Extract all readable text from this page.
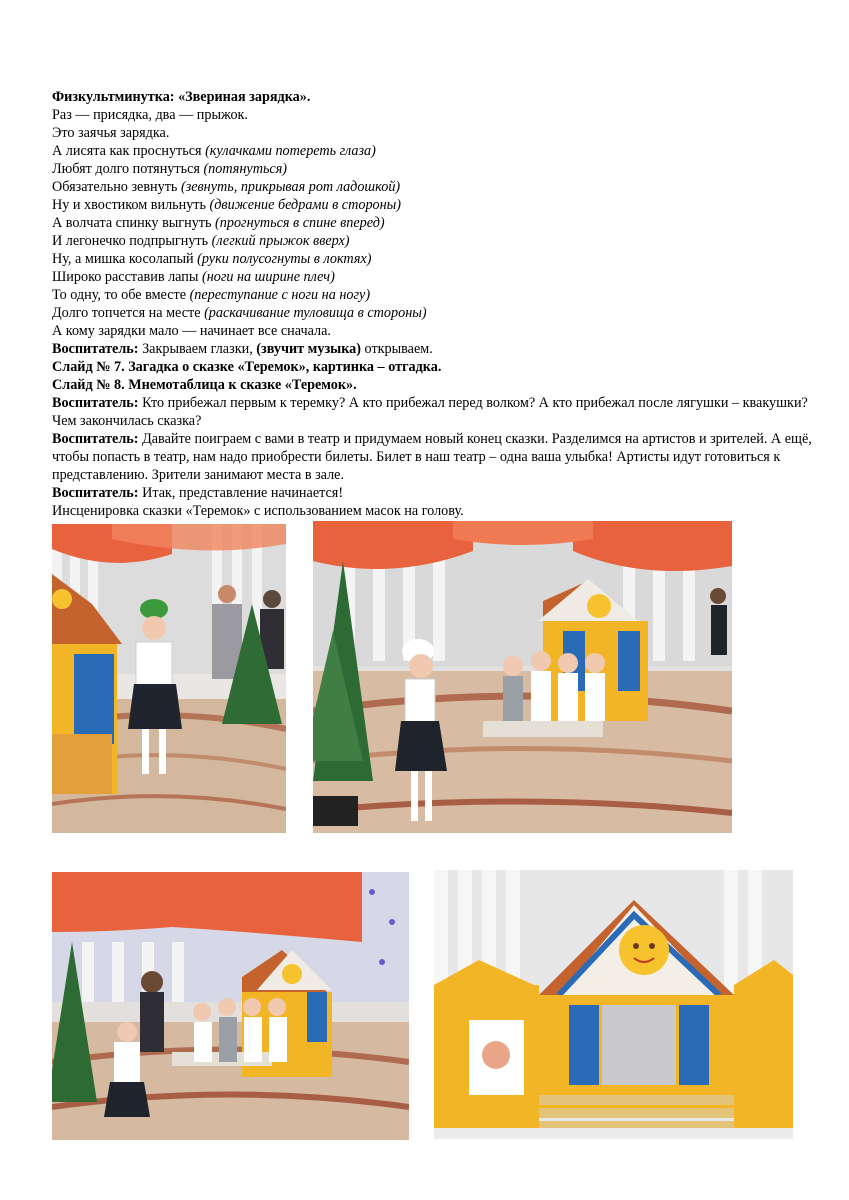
Физкультминутка: «Звериная зарядка».

Раз — присядка, два — прыжок.

Это заячья зарядка.

А лисята как проснуться (кулачками потереть глаза)

Любят долго потянуться (потянуться)

Обязательно зевнуть (зевнуть, прикрывая рот ладошкой)

Ну и хвостиком вильнуть (движение бедрами в стороны)

А волчата спинку выгнуть (прогнуться в спине вперед)

И легонечко подпрыгнуть (легкий прыжок вверх)

Ну, а мишка косолапый (руки полусогнуты в локтях)

Широко расставив лапы (ноги на ширине плеч)

То одну, то обе вместе (переступание с ноги на ногу)

Долго топчется на месте (раскачивание туловища в стороны)

А кому зарядки мало — начинает все сначала.

Воспитатель: Закрываем глазки, (звучит музыка) открываем.

Слайд № 7. Загадка о сказке «Теремок», картинка – отгадка.

Слайд № 8. Мнемотаблица к сказке «Теремок».

Воспитатель: Кто прибежал первым к теремку? А кто прибежал перед волком? А кто прибежал после лягушки – квакушки? Чем закончилась сказка?

Воспитатель: Давайте поиграем с вами в театр и придумаем новый конец сказки. Разделимся на артистов и зрителей. А ещё, чтобы попасть в театр, нам надо приобрести билеты. Билет в наш театр – одна ваша улыбка! Артисты идут готовиться к представлению. Зрители занимают места в зале.

Воспитатель: Итак, представление начинается!

Инсценировка сказки «Теремок» с использованием масок на голову.
